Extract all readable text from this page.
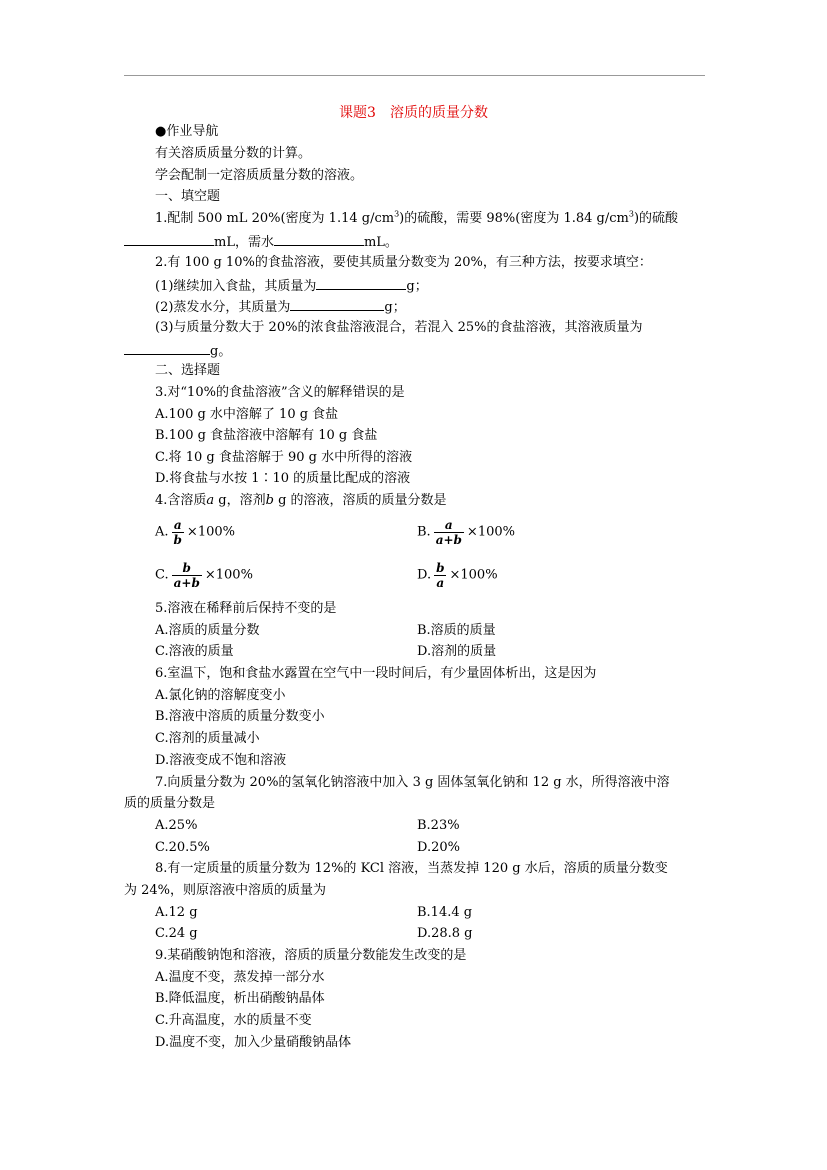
课题3　溶质的质量分数
●作业导航
有关溶质质量分数的计算。
学会配制一定溶质质量分数的溶液。
一、填空题
1.配制 500 mL 20%(密度为 1.14 $g/cm^3$)的硫酸，需要 98%(密度为 1.84 $g/cm^3$)的硫酸
mL，需水	mL。
2.有 100 g 10%的食盐溶液，要使其质量分数变为 20%，有三种方法，按要求填空：
(1)继续加入食盐，其质量为	g；
(2)蒸发水分，其质量为	g；
(3)与质量分数大于 20%的浓食盐溶液混合，若混入 25%的食盐溶液，其溶液质量为
g。
二、选择题
3.对“10%的食盐溶液”含义的解释错误的是
A.100 g 水中溶解了 10 g 食盐
B.100 g 食盐溶液中溶解有 10 g 食盐
C.将 10 g 食盐溶解于 90 g 水中所得的溶液
D.将食盐与水按 1∶10 的质量比配成的溶液
4.含溶质a g，溶剂b g 的溶液，溶质的质量分数是
A. $\frac{a}{b} \times 100\%$	B. $\frac{a}{a+b} \times 100\%$
C. $\frac{b}{a+b} \times 100\%$	D. $\frac{b}{a} \times 100\%$
5.溶液在稀释前后保持不变的是
A.溶质的质量分数	B.溶质的质量
C.溶液的质量	D.溶剂的质量
6.室温下，饱和食盐水露置在空气中一段时间后，有少量固体析出，这是因为
A.氯化钠的溶解度变小
B.溶液中溶质的质量分数变小
C.溶剂的质量减小
D.溶液变成不饱和溶液
7.向质量分数为 20%的氢氧化钠溶液中加入 3 g 固体氢氧化钠和 12 g 水，所得溶液中溶
质的质量分数是
A.25%	B.23%
C.20.5%	D.20%
8.有一定质量的质量分数为 12%的 KCl 溶液，当蒸发掉 120 g 水后，溶质的质量分数变
为 24%，则原溶液中溶质的质量为
A.12 g	B.14.4 g
C.24 g	D.28.8 g
9.某硝酸钠饱和溶液，溶质的质量分数能发生改变的是
A.温度不变，蒸发掉一部分水
B.降低温度，析出硝酸钠晶体
C.升高温度，水的质量不变
D.温度不变，加入少量硝酸钠晶体
